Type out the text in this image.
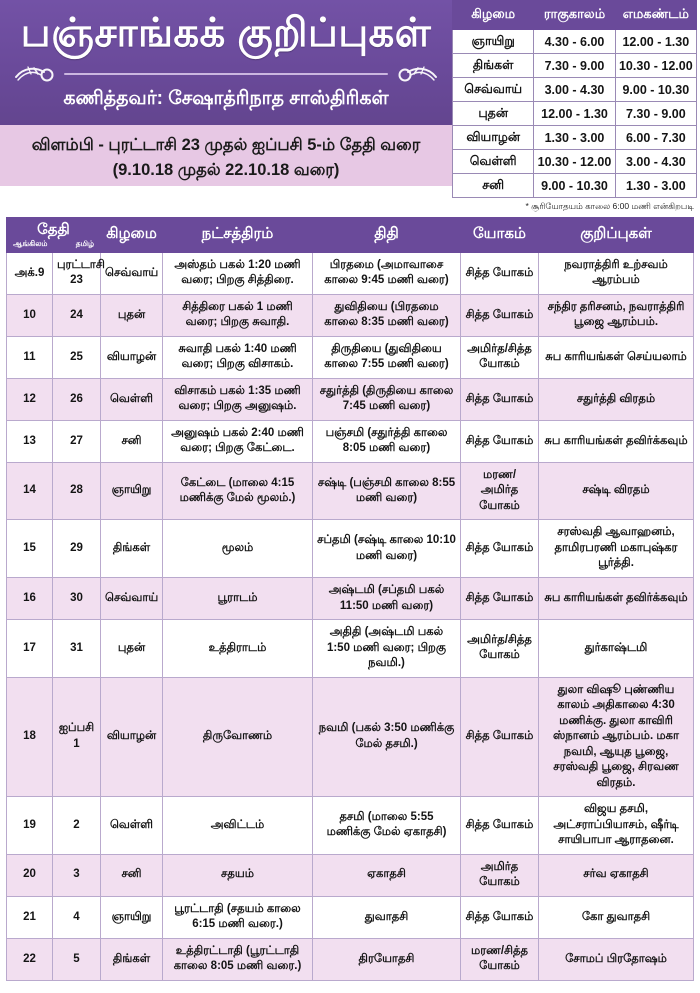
பஞ்சாங்கக் குறிப்புகள்
கணித்தவர்: சேஷாத்ரிநாத சாஸ்திரிகள்
விளம்பி - புரட்டாசி 23 முதல் ஐப்பசி 5-ம் தேதி வரை
(9.10.18 முதல் 22.10.18 வரை)
கிழமை	ராகுகாலம்	எமகண்டம்
ஞாயிறு	4.30 - 6.00	12.00 - 1.30
திங்கள்	7.30 - 9.00	10.30 - 12.00
செவ்வாய்	3.00 - 4.30	9.00 - 10.30
புதன்	12.00 - 1.30	7.30 - 9.00
வியாழன்	1.30 - 3.00	6.00 - 7.30
வெள்ளி	10.30 - 12.00	3.00 - 4.30
சனி	9.00 - 10.30	1.30 - 3.00
* சூரியோதயம் காலை 6:00 மணி என்கிறபடி
தேதி
ஆங்கிலம் தமிழ்		கிழமை	நட்சத்திரம்	திதி	யோகம்	குறிப்புகள்
அக்.9	புரட்டாசி 23	செவ்வாய்	அஸ்தம் பகல் 1:20 மணி வரை; பிறகு சித்திரை.	பிரதமை (அமாவாசை காலை 9:45 மணி வரை)	சித்த யோகம்	நவராத்திரி உற்சவம் ஆரம்பம்
10	24	புதன்	சித்திரை பகல் 1 மணி வரை; பிறகு சுவாதி.	துவிதியை (பிரதமை காலை 8:35 மணி வரை)	சித்த யோகம்	சந்திர தரிசனம், நவராத்திரி பூஜை ஆரம்பம்.
11	25	வியாழன்	சுவாதி பகல் 1:40 மணி வரை; பிறகு விசாகம்.	திருதியை (துவிதியை காலை 7:55 மணி வரை)	அமிர்த/சித்த யோகம்	சுப காரியங்கள் செய்யலாம்
12	26	வெள்ளி	விசாகம் பகல் 1:35 மணி வரை; பிறகு அனுஷம்.	சதுர்த்தி (திருதியை காலை 7:45 மணி வரை)	சித்த யோகம்	சதுர்த்தி விரதம்
13	27	சனி	அனுஷம் பகல் 2:40 மணி வரை; பிறகு கேட்டை.	பஞ்சமி (சதுர்த்தி காலை 8:05 மணி வரை)	சித்த யோகம்	சுப காரியங்கள் தவிர்க்கவும்
14	28	ஞாயிறு	கேட்டை (மாலை 4:15 மணிக்கு மேல் மூலம்.)	சஷ்டி (பஞ்சமி காலை 8:55 மணி வரை)	மரண/அமிர்த யோகம்	சஷ்டி விரதம்
15	29	திங்கள்	மூலம்	சப்தமி (சஷ்டி காலை 10:10 மணி வரை)	சித்த யோகம்	சரஸ்வதி ஆவாஹனம், தாமிரபரணி மகாபுஷ்கர பூர்த்தி.
16	30	செவ்வாய்	பூராடம்	அஷ்டமி (சப்தமி பகல் 11:50 மணி வரை)	சித்த யோகம்	சுப காரியங்கள் தவிர்க்கவும்
17	31	புதன்	உத்திராடம்	அதிதி (அஷ்டமி பகல் 1:50 மணி வரை; பிறகு நவமி.)	அமிர்த/சித்த யோகம்	துர்காஷ்டமி
18	ஐப்பசி 1	வியாழன்	திருவோணம்	நவமி (பகல் 3:50 மணிக்கு மேல் தசமி.)	சித்த யோகம்	துலா விஷூ புண்ணிய காலம் அதிகாலை 4:30 மணிக்கு. துலா காவிரி ஸ்நானம் ஆரம்பம். மகா நவமி, ஆயுத பூஜை, சரஸ்வதி பூஜை, சிரவண விரதம்.
19	2	வெள்ளி	அவிட்டம்	தசமி (மாலை 5:55 மணிக்கு மேல் ஏகாதசி)	சித்த யோகம்	விஜய தசமி, அட்சராப்பியாசம், ஷீர்டி சாயிபாபா ஆராதனை.
20	3	சனி	சதயம்	ஏகாதசி	அமிர்த யோகம்	சர்வ ஏகாதசி
21	4	ஞாயிறு	பூரட்டாதி (சதயம் காலை 6:15 மணி வரை.)	துவாதசி	சித்த யோகம்	கோ துவாதசி
22	5	திங்கள்	உத்திரட்டாதி (பூரட்டாதி காலை 8:05 மணி வரை.)	திரயோதசி	மரண/சித்த யோகம்	சோமப் பிரதோஷம்
